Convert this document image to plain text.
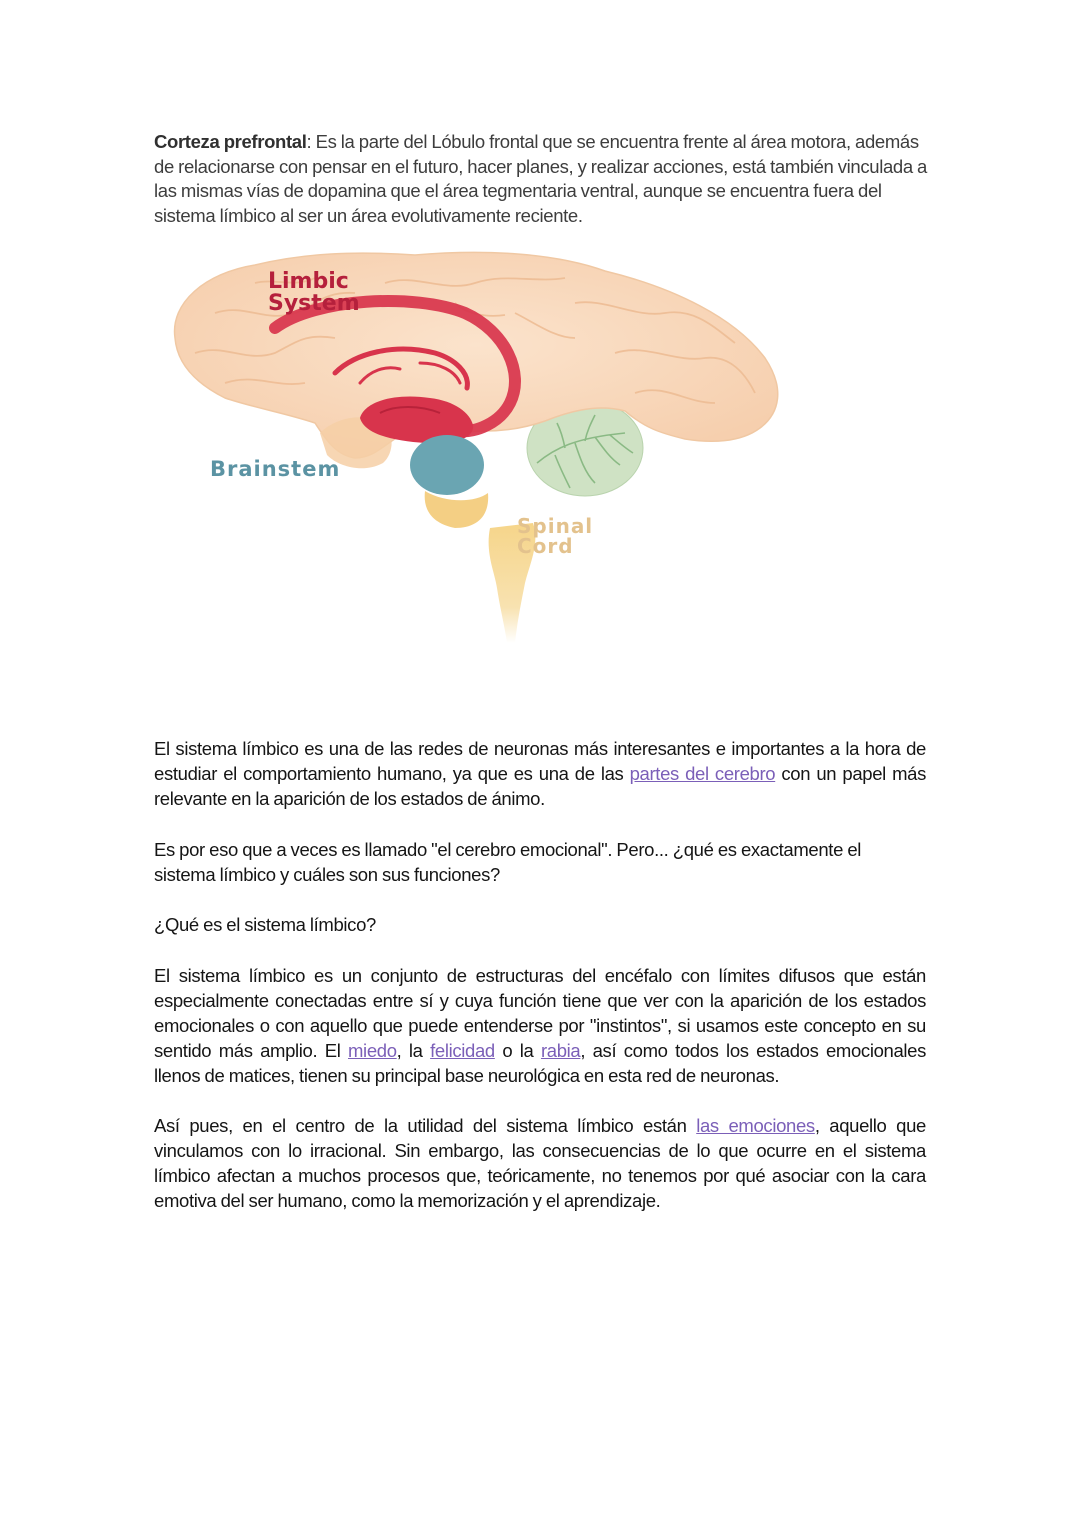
Corteza prefrontal: Es la parte del Lóbulo frontal que se encuentra frente al área motora, además de relacionarse con pensar en el futuro, hacer planes, y realizar acciones, está también vinculada a las mismas vías de dopamina que el área tegmentaria ventral, aunque se encuentra fuera del sistema límbico al ser un área evolutivamente reciente.

Limbic
System
Brainstem
Spinal
Cord

El sistema límbico es una de las redes de neuronas más interesantes e importantes a la hora de estudiar el comportamiento humano, ya que es una de las partes del cerebro con un papel más relevante en la aparición de los estados de ánimo.

Es por eso que a veces es llamado "el cerebro emocional". Pero... ¿qué es exactamente el sistema límbico y cuáles son sus funciones?

¿Qué es el sistema límbico?

El sistema límbico es un conjunto de estructuras del encéfalo con límites difusos que están especialmente conectadas entre sí y cuya función tiene que ver con la aparición de los estados emocionales o con aquello que puede entenderse por "instintos", si usamos este concepto en su sentido más amplio. El miedo, la felicidad o la rabia, así como todos los estados emocionales llenos de matices, tienen su principal base neurológica en esta red de neuronas.

Así pues, en el centro de la utilidad del sistema límbico están las emociones, aquello que vinculamos con lo irracional. Sin embargo, las consecuencias de lo que ocurre en el sistema límbico afectan a muchos procesos que, teóricamente, no tenemos por qué asociar con la cara emotiva del ser humano, como la memorización y el aprendizaje.
